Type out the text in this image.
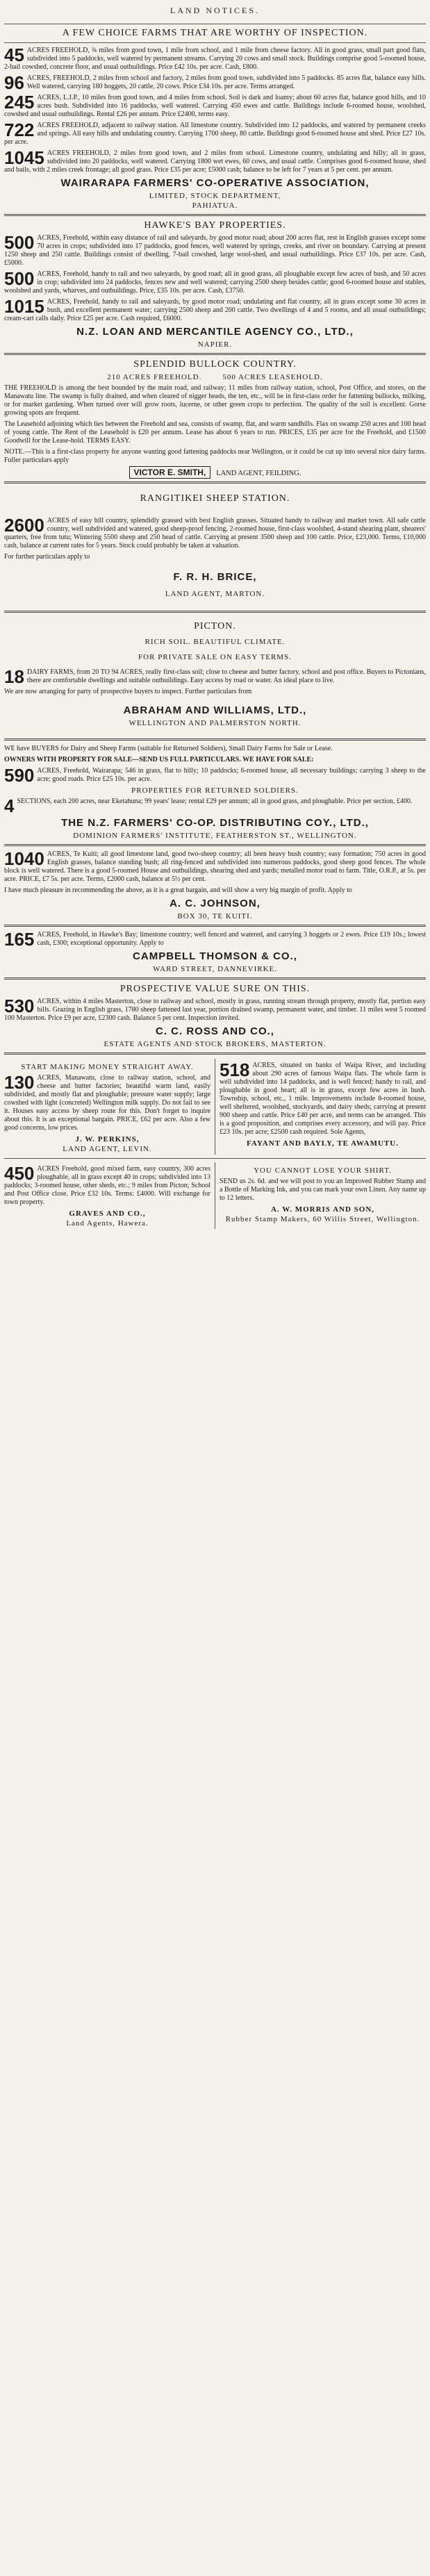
LAND NOTICES.
A FEW CHOICE FARMS THAT ARE WORTHY OF INSPECTION.
45 ACRES FREEHOLD, ¾ miles from good town, 1 mile from school, and 1 mile from cheese factory. All in good grass, small part good flats, subdivided into 5 paddocks, well watered by permanent streams. Carrying 20 cows and small stock. Buildings comprise good 5-roomed house, 2-bail cowshed, concrete floor, and usual outbuildings. Price £42 10s. per acre. Cash, £800.
96 ACRES, FREEHOLD, 2 miles from school and factory, 2 miles from good town, subdivided into 5 paddocks. 85 acres flat, balance easy hills. Well watered, carrying 180 hoggets, 20 cattle, 20 cows. Price £34 10s. per acre. Terms arranged.
245 ACRES, L.I.P., 10 miles from good town, and 4 miles from school. Soil is dark and loamy; about 60 acres flat, balance good hills, and 10 acres bush. Subdivided into 16 paddocks, well watered. Carrying 450 ewes and cattle. Buildings include 6-roomed house, woolshed, cowshed and usual outbuildings. Rental £26 per annum. Price £2400, terms easy.
722 ACRES FREEHOLD, adjacent to railway station. All limestone country. Subdivided into 12 paddocks, and watered by permanent creeks and springs. All easy hills and undulating country. Carrying 1700 sheep, 80 cattle. Buildings good 6-roomed house and shed. Price £27 10s. per acre.
1045 ACRES FREEHOLD, 2 miles from good town, and 2 miles from school. Limestone country, undulating and hilly; all in grass, subdivided into 20 paddocks, well watered. Carrying 1800 wet ewes, 60 cows, and usual cattle. Comprises good 6-roomed house, shed and bails, with 2 miles creek frontage; all good grass. Price £35 per acre; £5000 cash; balance to be left for 7 years at 5 per cent. per annum.
WAIRARAPA FARMERS' CO-OPERATIVE ASSOCIATION,
LIMITED, STOCK DEPARTMENT,
PAHIATUA.
HAWKE'S BAY PROPERTIES.
500 ACRES, Freehold, within easy distance of rail and saleyards, by good motor road; about 200 acres flat, rest in English grasses except some 70 acres in crops; subdivided into 17 paddocks, good fences, well watered by springs, creeks, and river on boundary. Carrying at present 1250 sheep and 250 cattle. Buildings consist of dwelling, 7-bail cowshed, large wool-shed, and usual outbuildings. Price £37 10s. per acre. Cash, £5000.
500 ACRES, Freehold, handy to rail and two saleyards, by good road; all in good grass, all ploughable except few acres of bush, and 50 acres in crop; subdivided into 24 paddocks, fences new and well watered; carrying 2500 sheep besides cattle; good 6-roomed house and stables, woolshed and yards, wharves, and outbuildings. Price, £35 10s. per acre. Cash, £3750.
1015 ACRES, Freehold, handy to rail and saleyards, by good motor road; undulating and flat country, all in grass except some 30 acres in bush, and excellent permanent water; carrying 2500 sheep and 200 cattle. Two dwellings of 4 and 5 rooms, and all usual outbuildings; cream-cart calls daily. Price £25 per acre. Cash required, £6000.
N.Z. LOAN AND MERCANTILE AGENCY CO., LTD.,
NAPIER.
SPLENDID BULLOCK COUNTRY.
210 ACRES FREEHOLD.        500 ACRES LEASEHOLD.
THE FREEHOLD is among the best bounded by the main road, and railway; 11 miles from railway station, school, Post Office, and stores, on the Manawatu line. The swamp is fully drained, and when cleared of nigger heads, the ten, etc., will be in first-class order for fattening bullocks, milking, or for market gardening. When turned over will grow roots, lucerne, or other green crops to perfection. The quality of the soil is excellent. Gorse growing spots are frequent.
The Leasehold adjoining which lies between the Freehold and sea, consists of swamp, flat, and warm sandhills. Flax on swamp 250 acres and 100 head of young cattle. The Rent of the Leasehold is £20 per annum. Lease has about 6 years to run. PRICES, £35 per acre for the Freehold, and £1500 Goodwill for the Lease-hold. TERMS EASY.
NOTE.—This is a first-class property for anyone wanting good fattening paddocks near Wellington, or it could be cut up into several nice dairy farms. Fuller particulars apply
VICTOR E. SMITH, LAND AGENT, FEILDING.
RANGITIKEI SHEEP STATION.
2600 ACRES of easy hill country, splendidly grassed with best English grasses. Situated handy to railway and market town. All safe cattle country, well subdivided and watered, good sheep-proof fencing, 2-roomed house, first-class woolshed, 4-stand shearing plant, shearers' quarters, free from tutu; Wintering 5500 sheep and 250 head of cattle. Carrying at present 3500 sheep and 100 cattle. Price, £23,000. Terms, £10,000 cash, balance at current rates for 5 years. Stock could probably be taken at valuation.
For further particulars apply to
F. R. H. BRICE,
LAND AGENT, MARTON.
PICTON.
RICH SOIL. BEAUTIFUL CLIMATE.
FOR PRIVATE SALE ON EASY TERMS.
18 DAIRY FARMS, from 20 TO 94 ACRES, really first-class soil; close to cheese and butter factory, school and post office. Buyers to Pictonians, there are comfortable dwellings and suitable outbuildings. Easy access by road or water. An ideal place to live.
We are now arranging for party of prospective buyers to inspect. Further particulars from
ABRAHAM AND WILLIAMS, LTD.,
WELLINGTON AND PALMERSTON NORTH.
WE have BUYERS for Dairy and Sheep Farms (suitable for Returned Soldiers), Small Dairy Farms for Sale or Lease.
OWNERS WITH PROPERTY FOR SALE—SEND US FULL PARTICULARS. WE HAVE FOR SALE:
590 ACRES, Freehold, Wairarapa; 546 in grass, flat to hilly; 10 paddocks; 6-roomed house, all necessary buildings; carrying 3 sheep to the acre; good roads. Price £25 10s. per acre.
PROPERTIES FOR RETURNED SOLDIERS.
4 SECTIONS, each 200 acres, near Eketahuna; 99 years' lease; rental £29 per annum; all in good grass, and ploughable. Price per section, £400.
THE N.Z. FARMERS' CO-OP. DISTRIBUTING COY., LTD.,
DOMINION FARMERS' INSTITUTE, FEATHERSTON ST., WELLINGTON.
1040 ACRES, Te Kuiti; all good limestone land, good two-sheep country; all been heavy bush country; easy formation; 750 acres in good English grasses, balance standing bush; all ring-fenced and subdivided into numerous paddocks, good sheep good fences. The whole block is well watered. There is a good 5-roomed House and outbuildings, shearing shed and yards; metalled motor road to farm. Title, O.R.P., at 5s. per acre. PRICE, £7 5s. per acre. Terms, £2000 cash, balance at 5½ per cent.
I have much pleasure in recommending the above, as it is a great bargain, and will show a very big margin of profit. Apply to
A. C. JOHNSON,
BOX 30, TE KUITI.
165 ACRES, Freehold, in Hawke's Bay; limestone country; well fenced and watered, and carrying 3 hoggets or 2 ewes. Price £19 10s.; lowest cash, £300; exceptional opportunity. Apply to
CAMPBELL THOMSON & CO.,
WARD STREET, DANNEVIRKE.
PROSPECTIVE VALUE SURE ON THIS.
530 ACRES, within 4 miles Masterton, close to railway and school, mostly in grass, running stream through property, mostly flat, portion easy hills. Grazing in English grass, 1780 sheep fattened last year, portion drained swamp, permanent water, and timber. 11 miles west 5 roomed 100 Masterton. Price £9 per acre, £2300 cash. Balance 5 per cent. Inspection invited.
C. C. ROSS AND CO.,
ESTATE AGENTS AND STOCK BROKERS, MASTERTON.
START MAKING MONEY STRAIGHT AWAY.
130 ACRES, Manawatu, close to railway station, school, and cheese and butter factories; beautiful warm land, easily subdivided, and mostly flat and ploughable; pressure water supply; large cowshed with light (concreted) Wellington milk supply. Do not fail to see it. Houses easy access by sheep route for this. Don't forget to inquire about this. It is an exceptional bargain. PRICE, £62 per acre. Also a few good concerns, low prices.
J. W. PERKINS,
LAND AGENT, LEVIN.
518 ACRES, situated on banks of Waipa River, and including about 290 acres of famous Waipa flats. The whole farm is well subdivided into 14 paddocks, and is well fenced; handy to rail, and ploughable in good heart; all is in grass, except few acres in bush. Township, school, etc., 1 mile. Improvements include 8-roomed house, well sheltered, woolshed, stockyards, and dairy sheds; carrying at present 900 sheep and cattle. Price £40 per acre, and terms can be arranged. This is a good proposition, and comprises every accessory, and will pay. Price £23 10s. per acre; £2500 cash required. Sole Agents,
FAYANT AND BAYLY, TE AWAMUTU.
450 ACRES Freehold, good mixed farm, easy country, 300 acres ploughable, all in grass except 40 in crops; subdivided into 13 paddocks; 3-roomed house, other sheds, etc.; 9 miles from Picton; School and Post Office close. Price £32 10s. Terms: £4000. Will exchange for town property.
GRAVES AND CO.,
Land Agents, Hawera.
YOU CANNOT LOSE YOUR SHIRT.
SEND us 2s. 6d. and we will post to you an Improved Rubber Stamp and a Bottle of Marking Ink, and you can mark your own Linen. Any name up to 12 letters.
A. W. MORRIS AND SON,
Rubber Stamp Makers, 60 Willis Street, Wellington.
